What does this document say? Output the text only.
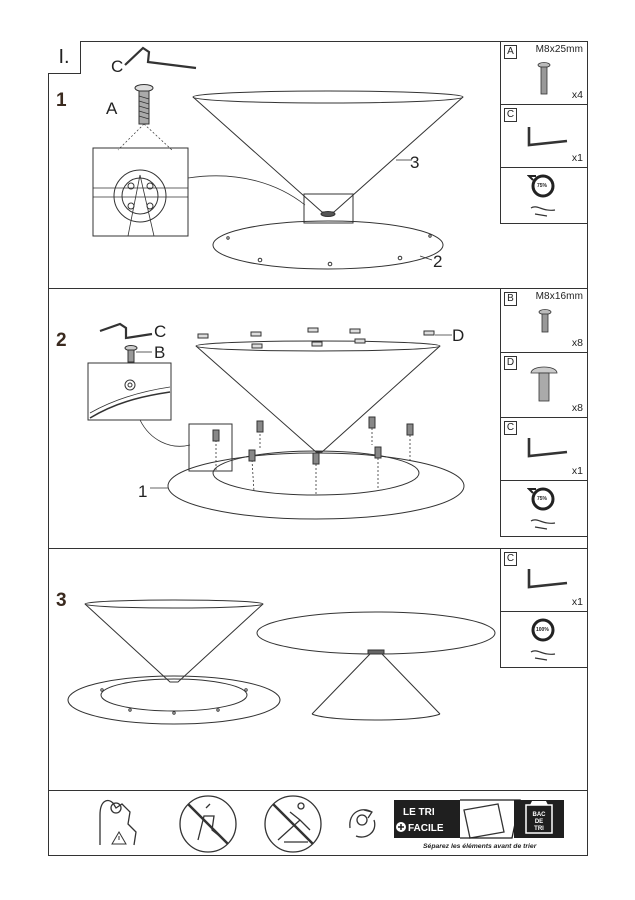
I.
1
C
A
3
2
A	M8x25mm
x4
C
x1
75%
2	C
B
D
1
B	M8x16mm
x8
D
x8
C
x1
75%
3
C
x1
100%
LE TRI
FACILE
BAC
DE
TRI
Séparez les éléments avant de trier
